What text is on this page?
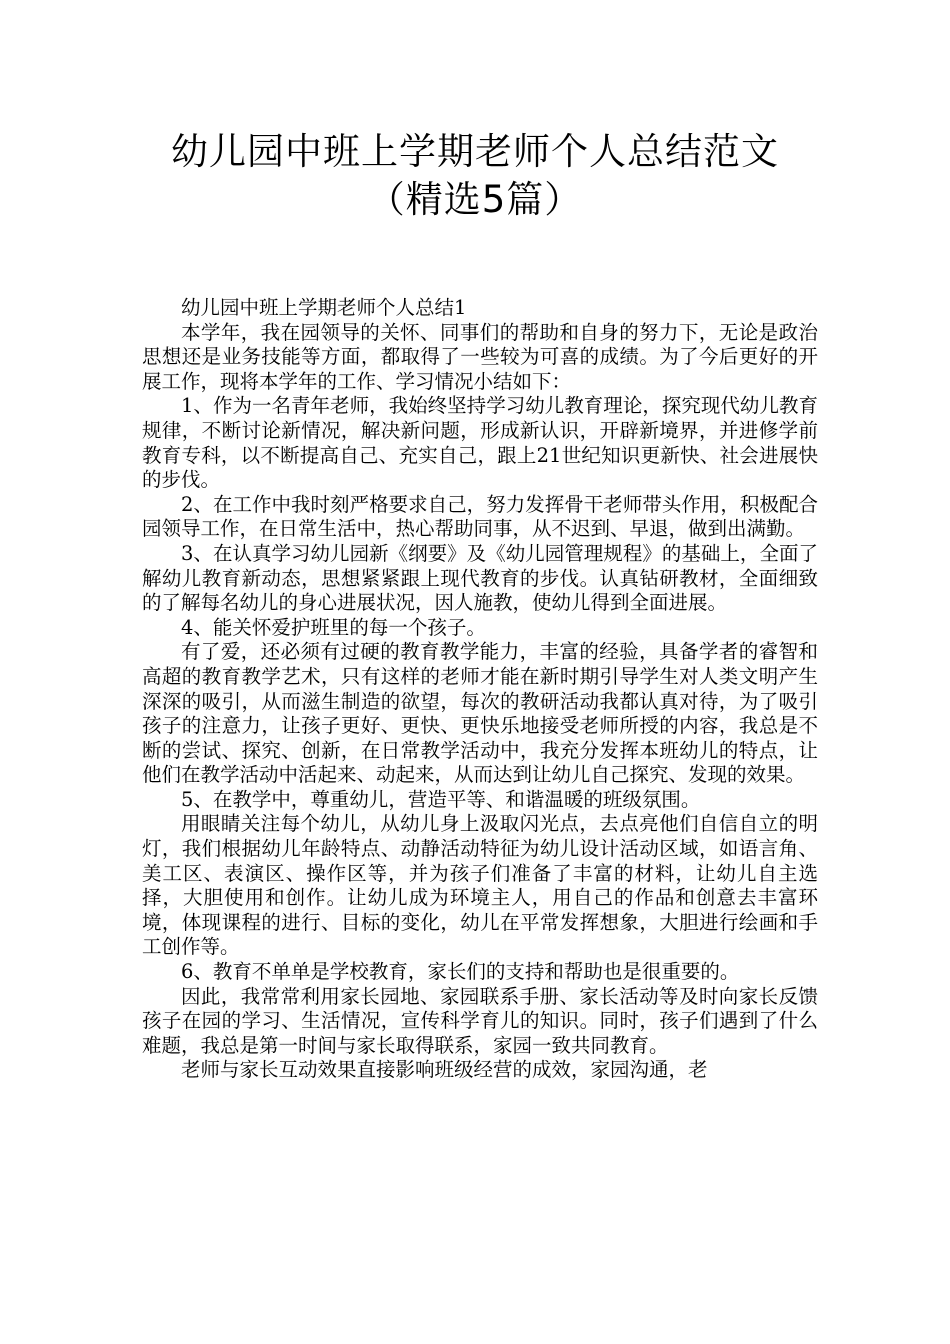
幼儿园中班上学期老师个人总结范文
（精选5篇）

幼儿园中班上学期老师个人总结1

本学年，我在园领导的关怀、同事们的帮助和自身的努力下，无论是政治思想还是业务技能等方面，都取得了一些较为可喜的成绩。为了今后更好的开展工作，现将本学年的工作、学习情况小结如下：

1、作为一名青年老师，我始终坚持学习幼儿教育理论，探究现代幼儿教育规律，不断讨论新情况，解决新问题，形成新认识，开辟新境界，并进修学前教育专科，以不断提高自己、充实自己，跟上21世纪知识更新快、社会进展快的步伐。

2、在工作中我时刻严格要求自己，努力发挥骨干老师带头作用，积极配合园领导工作，在日常生活中，热心帮助同事，从不迟到、早退，做到出满勤。

3、在认真学习幼儿园新《纲要》及《幼儿园管理规程》的基础上，全面了解幼儿教育新动态，思想紧紧跟上现代教育的步伐。认真钻研教材，全面细致的了解每名幼儿的身心进展状况，因人施教，使幼儿得到全面进展。

4、能关怀爱护班里的每一个孩子。

有了爱，还必须有过硬的教育教学能力，丰富的经验，具备学者的睿智和高超的教育教学艺术，只有这样的老师才能在新时期引导学生对人类文明产生深深的吸引，从而滋生制造的欲望，每次的教研活动我都认真对待，为了吸引孩子的注意力，让孩子更好、更快、更快乐地接受老师所授的内容，我总是不断的尝试、探究、创新，在日常教学活动中，我充分发挥本班幼儿的特点，让他们在教学活动中活起来、动起来，从而达到让幼儿自己探究、发现的效果。

5、在教学中，尊重幼儿，营造平等、和谐温暖的班级氛围。

用眼睛关注每个幼儿，从幼儿身上汲取闪光点，去点亮他们自信自立的明灯，我们根据幼儿年龄特点、动静活动特征为幼儿设计活动区域，如语言角、美工区、表演区、操作区等，并为孩子们准备了丰富的材料，让幼儿自主选择，大胆使用和创作。让幼儿成为环境主人，用自己的作品和创意去丰富环境，体现课程的进行、目标的变化，幼儿在平常发挥想象，大胆进行绘画和手工创作等。

6、教育不单单是学校教育，家长们的支持和帮助也是很重要的。

因此，我常常利用家长园地、家园联系手册、家长活动等及时向家长反馈孩子在园的学习、生活情况，宣传科学育儿的知识。同时，孩子们遇到了什么难题，我总是第一时间与家长取得联系，家园一致共同教育。

老师与家长互动效果直接影响班级经营的成效，家园沟通，老
